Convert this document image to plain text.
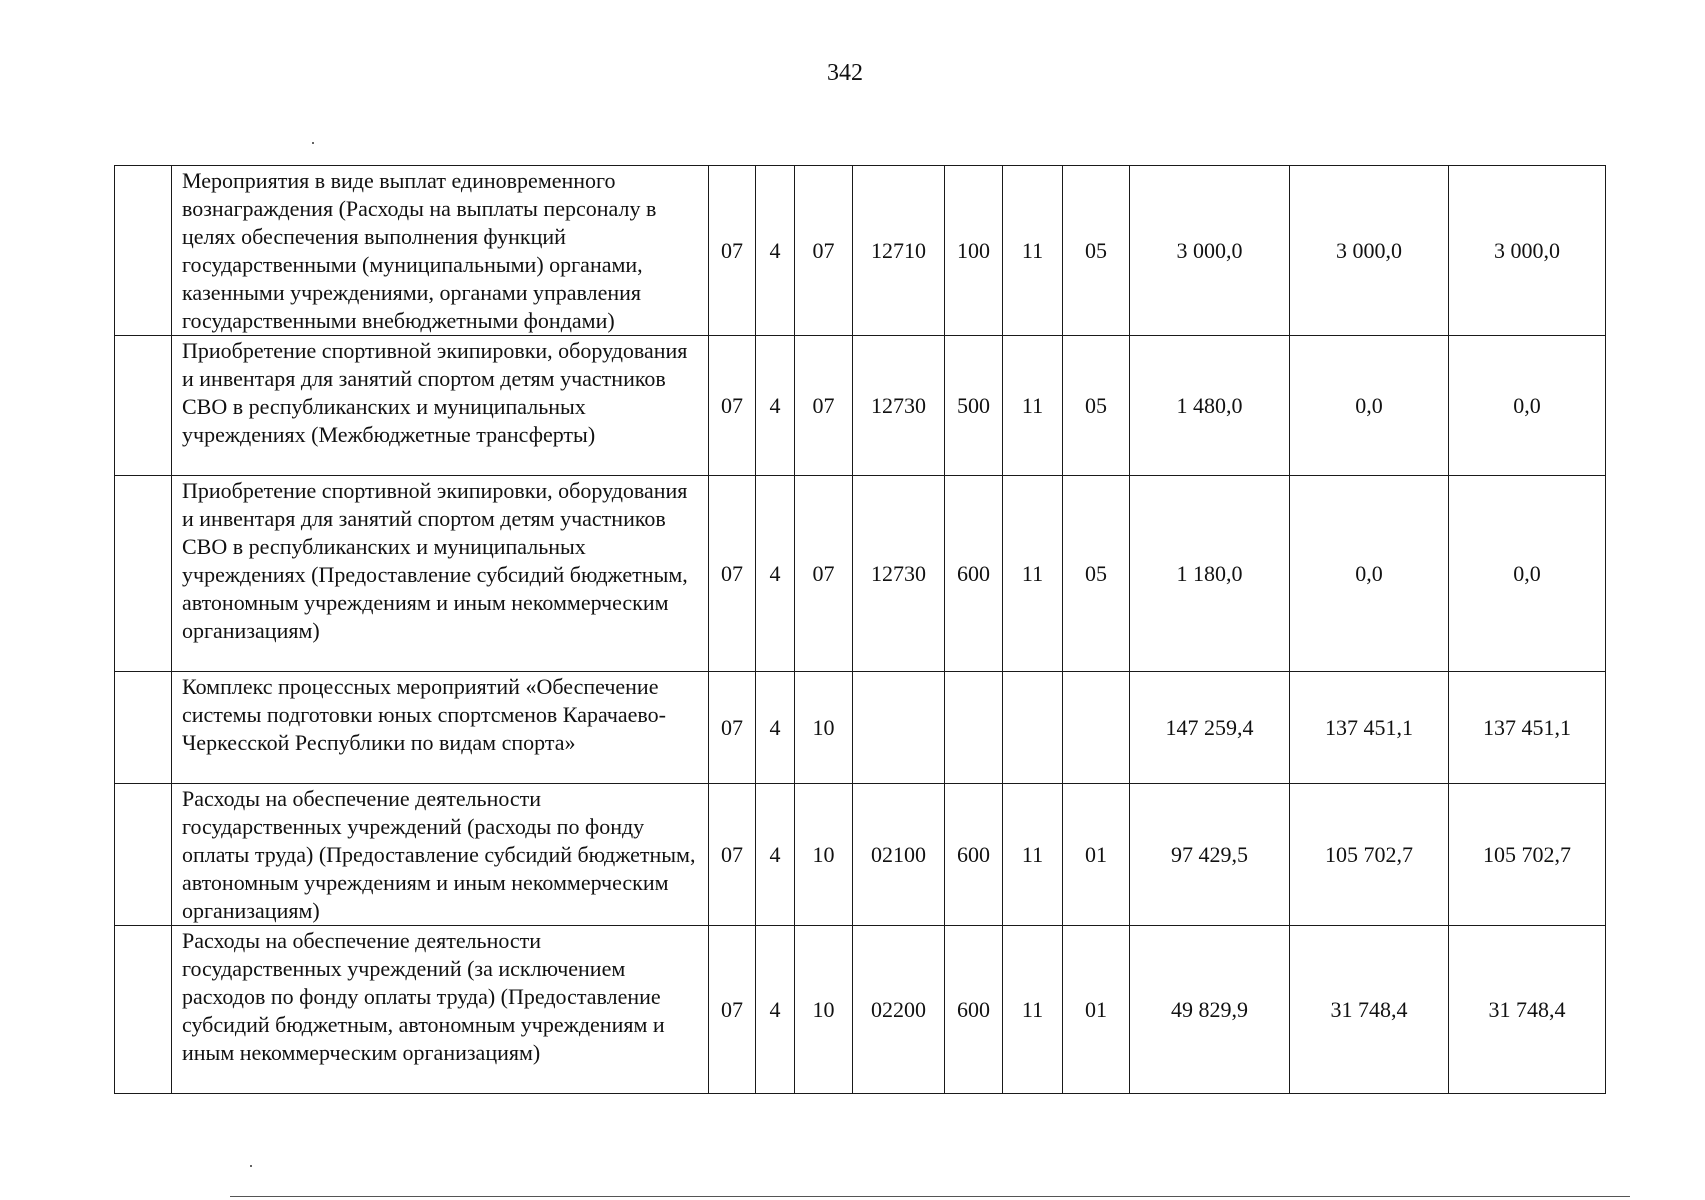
342
	Мероприятия в виде выплат единовременного вознаграждения (Расходы на выплаты персоналу в целях обеспечения выполнения функций государственными (муниципальными) органами, казенными учреждениями, органами управления государственными внебюджетными фондами)	07	4	07	12710	100	11	05	3 000,0	3 000,0	3 000,0
	Приобретение спортивной экипировки, оборудования и инвентаря для занятий спортом детям участников СВО в республиканских и муниципальных учреждениях (Межбюджетные трансферты)	07	4	07	12730	500	11	05	1 480,0	0,0	0,0
	Приобретение спортивной экипировки, оборудования и инвентаря для занятий спортом детям участников СВО в республиканских и муниципальных учреждениях (Предоставление субсидий бюджетным, автономным учреждениям и иным некоммерческим организациям)	07	4	07	12730	600	11	05	1 180,0	0,0	0,0
	Комплекс процессных мероприятий «Обеспечение системы подготовки юных спортсменов Карачаево-Черкесской Республики по видам спорта»	07	4	10					147 259,4	137 451,1	137 451,1
	Расходы на обеспечение деятельности государственных учреждений (расходы по фонду оплаты труда) (Предоставление субсидий бюджетным, автономным учреждениям и иным некоммерческим организациям)	07	4	10	02100	600	11	01	97 429,5	105 702,7	105 702,7
	Расходы на обеспечение деятельности государственных учреждений (за исключением расходов по фонду оплаты труда) (Предоставление субсидий бюджетным, автономным учреждениям и иным некоммерческим организациям)	07	4	10	02200	600	11	01	49 829,9	31 748,4	31 748,4
